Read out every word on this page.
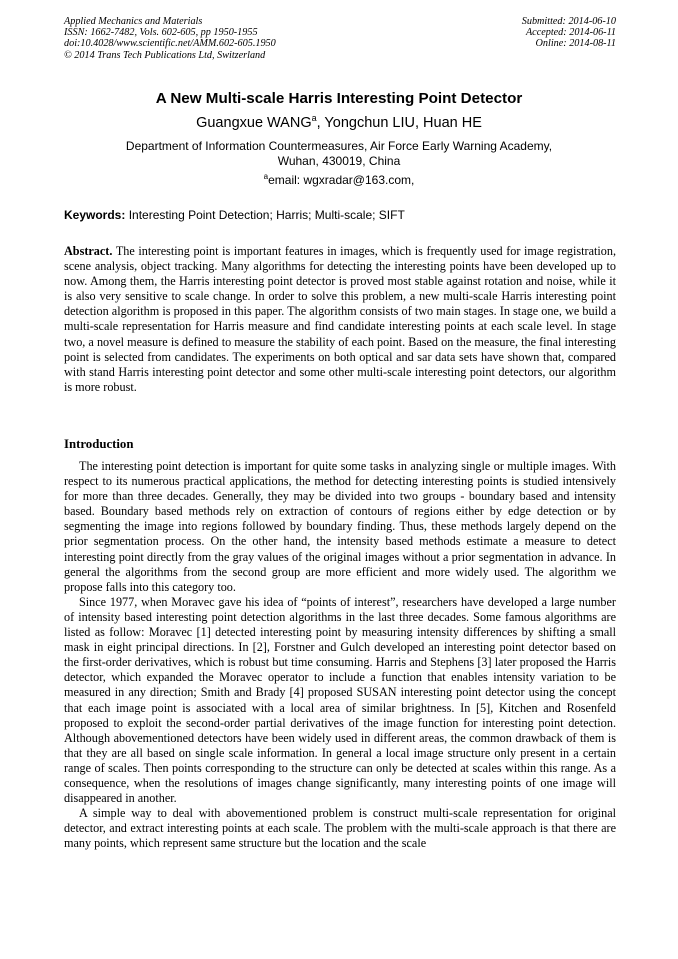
Applied Mechanics and Materials
ISSN: 1662-7482, Vols. 602-605, pp 1950-1955
doi:10.4028/www.scientific.net/AMM.602-605.1950
© 2014 Trans Tech Publications Ltd, Switzerland
Submitted: 2014-06-10
Accepted: 2014-06-11
Online: 2014-08-11
A New Multi-scale Harris Interesting Point Detector
Guangxue WANG$^a$, Yongchun LIU, Huan HE
Department of Information Countermeasures, Air Force Early Warning Academy,
Wuhan, 430019, China
$^a$email: wgxradar@163.com,
Keywords: Interesting Point Detection; Harris; Multi-scale; SIFT
Abstract. The interesting point is important features in images, which is frequently used for image registration, scene analysis, object tracking. Many algorithms for detecting the interesting points have been developed up to now. Among them, the Harris interesting point detector is proved most stable against rotation and noise, while it is also very sensitive to scale change. In order to solve this problem, a new multi-scale Harris interesting point detection algorithm is proposed in this paper. The algorithm consists of two main stages. In stage one, we build a multi-scale representation for Harris measure and find candidate interesting points at each scale level. In stage two, a novel measure is defined to measure the stability of each point. Based on the measure, the final interesting point is selected from candidates. The experiments on both optical and sar data sets have shown that, compared with stand Harris interesting point detector and some other multi-scale interesting point detectors, our algorithm is more robust.
Introduction

The interesting point detection is important for quite some tasks in analyzing single or multiple images. With respect to its numerous practical applications, the method for detecting interesting points is studied intensively for more than three decades. Generally, they may be divided into two groups - boundary based and intensity based. Boundary based methods rely on extraction of contours of regions either by edge detection or by segmenting the image into regions followed by boundary finding. Thus, these methods largely depend on the prior segmentation process. On the other hand, the intensity based methods estimate a measure to detect interesting point directly from the gray values of the original images without a prior segmentation in advance. In general the algorithms from the second group are more efficient and more widely used. The algorithm we propose falls into this category too.

Since 1977, when Moravec gave his idea of “points of interest”, researchers have developed a large number of intensity based interesting point detection algorithms in the last three decades. Some famous algorithms are listed as follow: Moravec [1] detected interesting point by measuring intensity differences by shifting a small mask in eight principal directions. In [2], Forstner and Gulch developed an interesting point detector based on the first-order derivatives, which is robust but time consuming. Harris and Stephens [3] later proposed the Harris detector, which expanded the Moravec operator to include a function that enables intensity variation to be measured in any direction; Smith and Brady [4] proposed SUSAN interesting point detector using the concept that each image point is associated with a local area of similar brightness. In [5], Kitchen and Rosenfeld proposed to exploit the second-order partial derivatives of the image function for interesting point detection. Although abovementioned detectors have been widely used in different areas, the common drawback of them is that they are all based on single scale information. In general a local image structure only present in a certain range of scales. Then points corresponding to the structure can only be detected at scales within this range. As a consequence, when the resolutions of images change significantly, many interesting points of one image will disappeared in another.

A simple way to deal with abovementioned problem is construct multi-scale representation for original detector, and extract interesting points at each scale. The problem with the multi-scale approach is that there are many points, which represent same structure but the location and the scale
